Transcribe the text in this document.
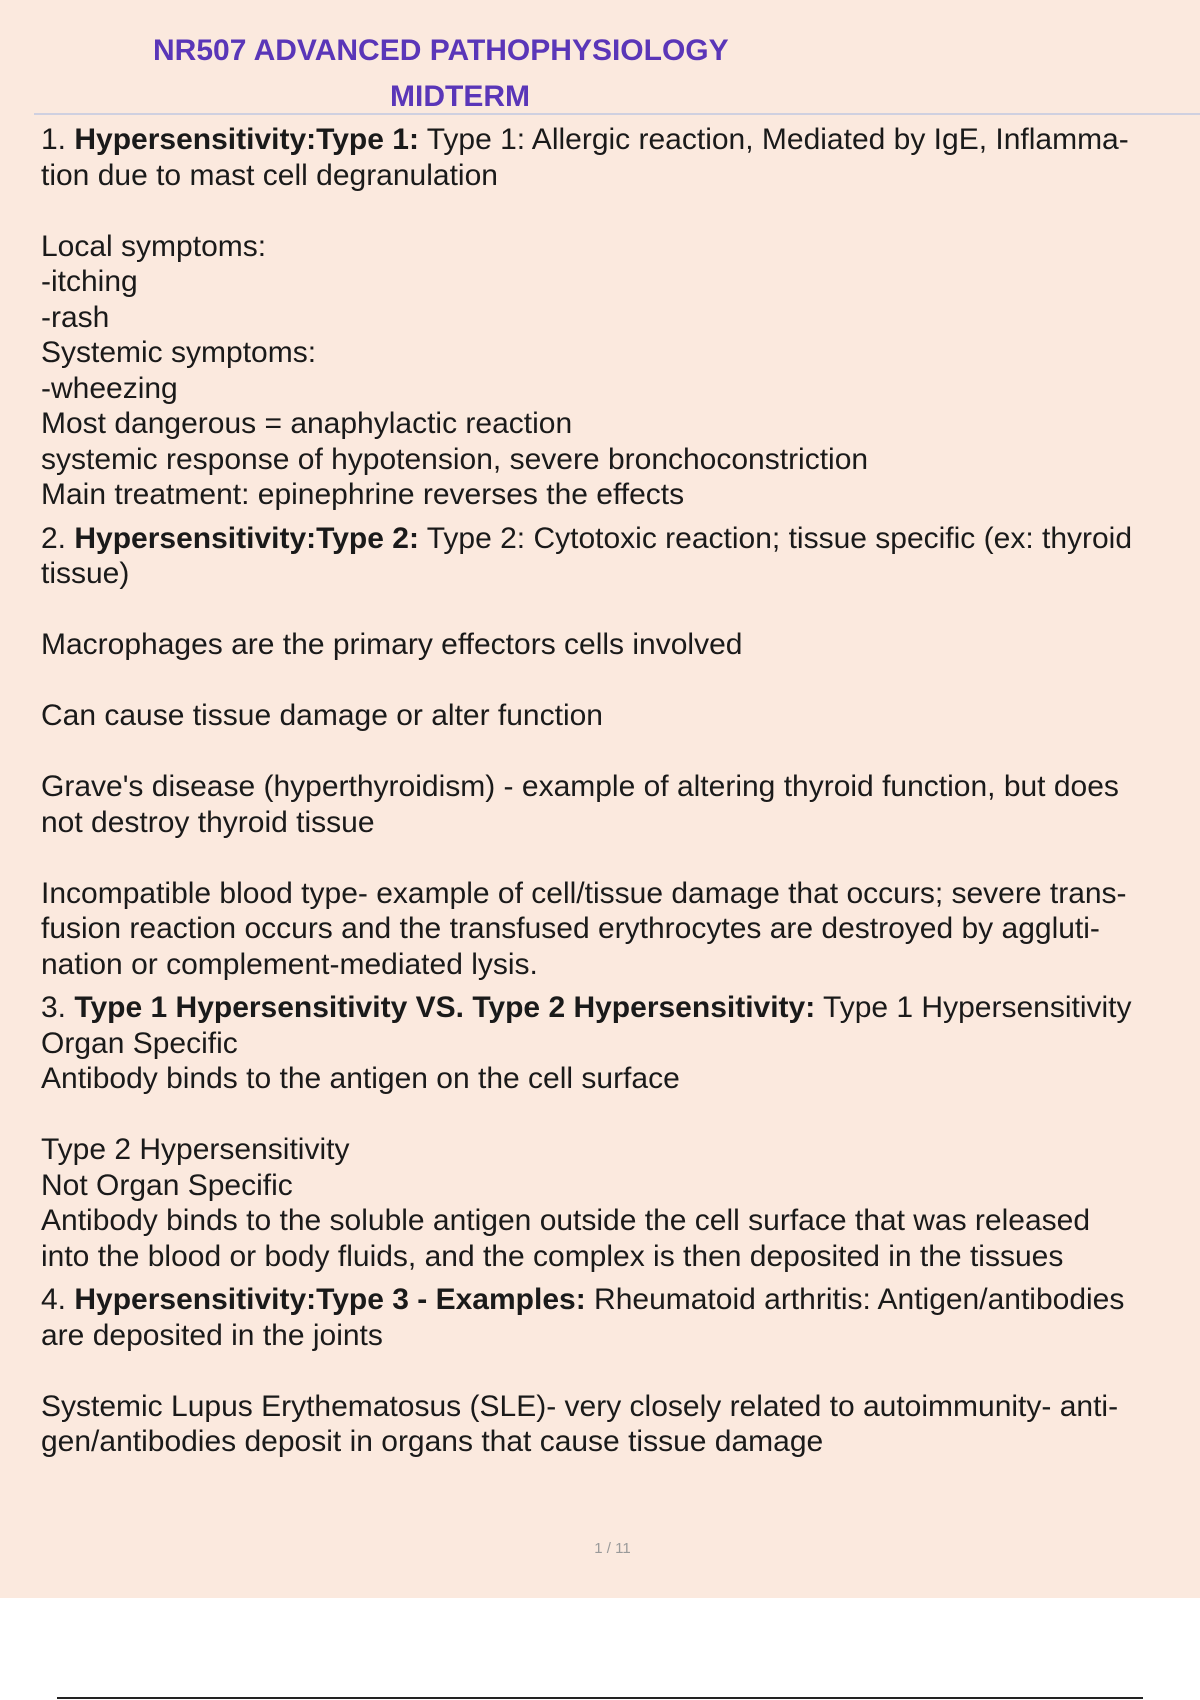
NR507 ADVANCED PATHOPHYSIOLOGY
MIDTERM
1. Hypersensitivity:Type 1: Type 1: Allergic reaction, Mediated by IgE, Inflamma-
tion due to mast cell degranulation
Local symptoms:
-itching
-rash
Systemic symptoms:
-wheezing
Most dangerous = anaphylactic reaction
systemic response of hypotension, severe bronchoconstriction
Main treatment: epinephrine reverses the effects
2. Hypersensitivity:Type 2: Type 2: Cytotoxic reaction; tissue specific (ex: thyroid
tissue)
Macrophages are the primary effectors cells involved
Can cause tissue damage or alter function
Grave's disease (hyperthyroidism) - example of altering thyroid function, but does
not destroy thyroid tissue
Incompatible blood type- example of cell/tissue damage that occurs; severe trans-
fusion reaction occurs and the transfused erythrocytes are destroyed by aggluti-
nation or complement-mediated lysis.
3. Type 1 Hypersensitivity VS. Type 2 Hypersensitivity: Type 1 Hypersensitivity
Organ Specific
Antibody binds to the antigen on the cell surface
Type 2 Hypersensitivity
Not Organ Specific
Antibody binds to the soluble antigen outside the cell surface that was released
into the blood or body fluids, and the complex is then deposited in the tissues
4. Hypersensitivity:Type 3 - Examples: Rheumatoid arthritis: Antigen/antibodies
are deposited in the joints
Systemic Lupus Erythematosus (SLE)- very closely related to autoimmunity- anti-
gen/antibodies deposit in organs that cause tissue damage
1 / 11
